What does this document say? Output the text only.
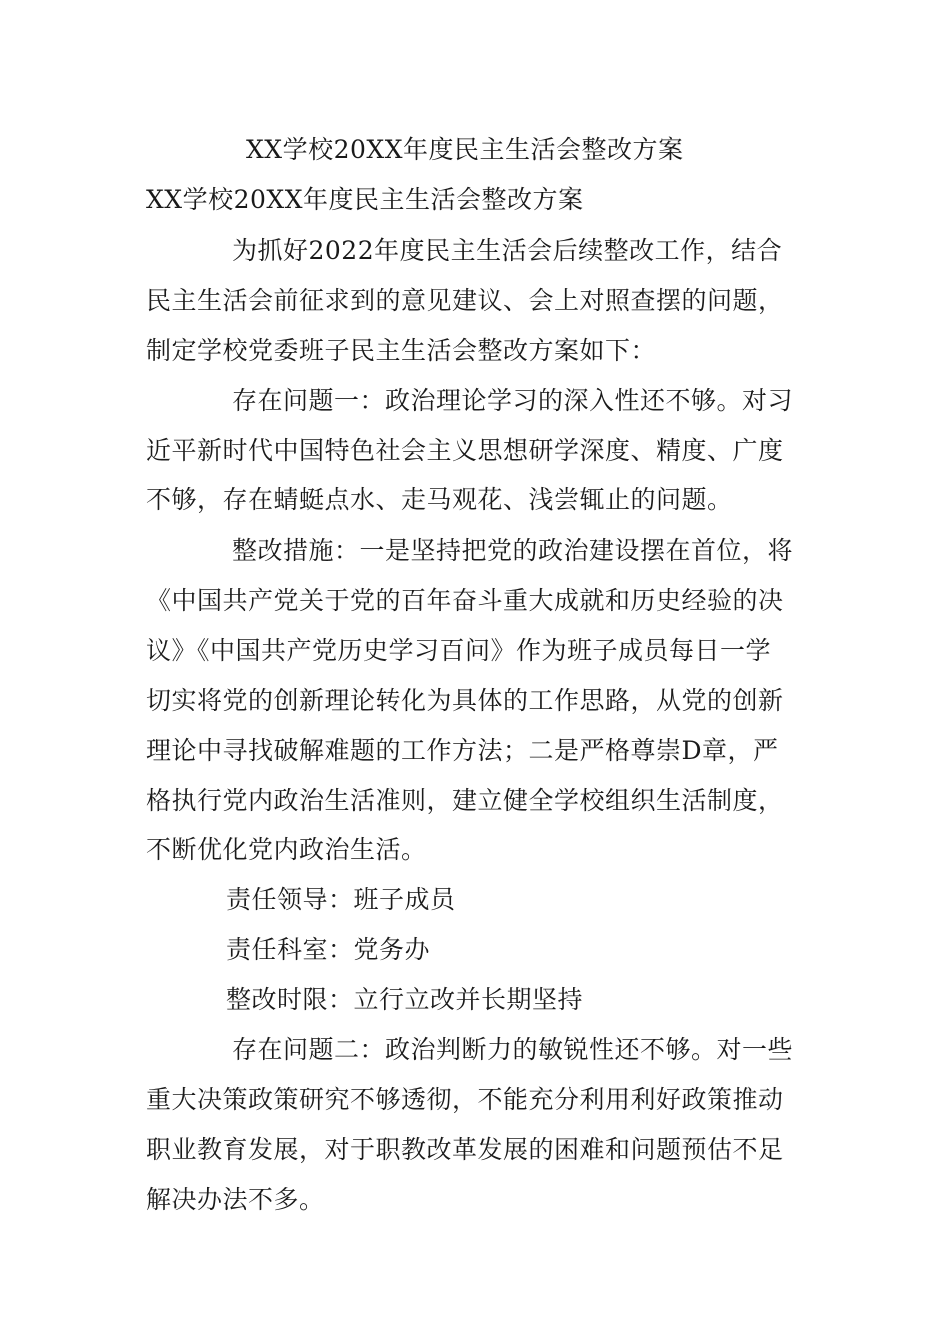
XX学校20XX年度民主生活会整改方案
XX学校20XX年度民主生活会整改方案
为抓好2022年度民主生活会后续整改工作，结合
民主生活会前征求到的意见建议、会上对照查摆的问题，
制定学校党委班子民主生活会整改方案如下：
存在问题一：政治理论学习的深入性还不够。对习
近平新时代中国特色社会主义思想研学深度、精度、广度
不够，存在蜻蜓点水、走马观花、浅尝辄止的问题。
整改措施：一是坚持把党的政治建设摆在首位，将
《中国共产党关于党的百年奋斗重大成就和历史经验的决
议》《中国共产党历史学习百问》作为班子成员每日一学
切实将党的创新理论转化为具体的工作思路，从党的创新
理论中寻找破解难题的工作方法；二是严格尊崇D章，严
格执行党内政治生活准则，建立健全学校组织生活制度，
不断优化党内政治生活。
责任领导：班子成员
责任科室：党务办
整改时限：立行立改并长期坚持
存在问题二：政治判断力的敏锐性还不够。对一些
重大决策政策研究不够透彻，不能充分利用利好政策推动
职业教育发展，对于职教改革发展的困难和问题预估不足
解决办法不多。
